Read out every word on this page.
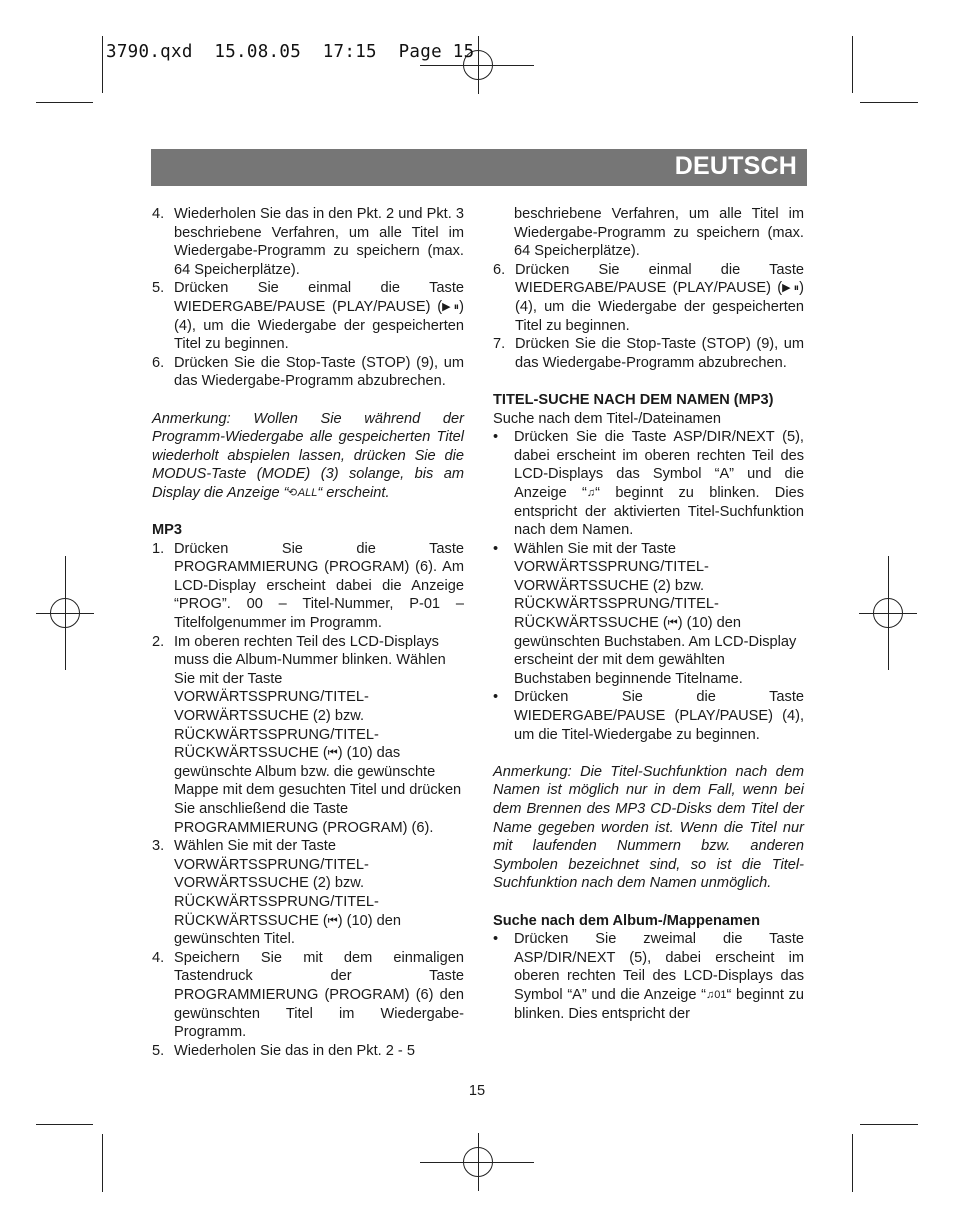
3790.qxd  15.08.05  17:15  Page 15
DEUTSCH
4. Wiederholen Sie das in den Pkt. 2 und Pkt. 3 beschriebene Verfahren, um alle Titel im Wiedergabe-Programm zu speichern (max. 64 Speicherplätze).
5. Drücken Sie einmal die Taste WIEDERGABE/PAUSE (PLAY/PAUSE) (▶ ⏸) (4), um die Wiedergabe der gespeicherten Titel zu beginnen.
6. Drücken Sie die Stop-Taste (STOP) (9), um das Wiedergabe-Programm abzubrechen.

Anmerkung: Wollen Sie während der Programm-Wiedergabe alle gespeicherten Titel wiederholt abspielen lassen, drücken Sie die MODUS-Taste (MODE) (3) solange, bis am Display die Anzeige “⟲ALL“ erscheint.

MP3

1. Drücken Sie die Taste PROGRAMMIERUNG (PROGRAM) (6). Am LCD-Display erscheint dabei die Anzeige “PROG”. 00 – Titel-Nummer, P-01 – Titelfolgenummer im Programm.
2. Im oberen rechten Teil des LCD-Displays muss die Album-Nummer blinken. Wählen Sie mit der Taste VORWÄRTSSPRUNG/TITEL-VORWÄRTSSUCHE (2) bzw. RÜCKWÄRTSSPRUNG/TITEL-RÜCKWÄRTSSUCHE (⏮) (10) das gewünschte Album bzw. die gewünschte Mappe mit dem gesuchten Titel und drücken Sie anschließend die Taste PROGRAMMIERUNG (PROGRAM) (6).
3. Wählen Sie mit der Taste VORWÄRTSSPRUNG/TITEL-VORWÄRTSSUCHE (2) bzw. RÜCKWÄRTSSPRUNG/TITEL-RÜCKWÄRTSSUCHE (⏮) (10) den gewünschten Titel.
4. Speichern Sie mit dem einmaligen Tastendruck der Taste PROGRAMMIERUNG (PROGRAM) (6) den gewünschten Titel im Wiedergabe-Programm.
5. Wiederholen Sie das in den Pkt. 2 - 5

beschriebene Verfahren, um alle Titel im Wiedergabe-Programm zu speichern (max. 64 Speicherplätze).

6. Drücken Sie einmal die Taste WIEDERGABE/PAUSE (PLAY/PAUSE) (▶ ⏸) (4), um die Wiedergabe der gespeicherten Titel zu beginnen.
7. Drücken Sie die Stop-Taste (STOP) (9), um das Wiedergabe-Programm abzubrechen.

TITEL-SUCHE NACH DEM NAMEN (MP3)

Suche nach dem Titel-/Dateinamen

• Drücken Sie die Taste ASP/DIR/NEXT (5), dabei erscheint im oberen rechten Teil des LCD-Displays das Symbol “A” und die Anzeige “♫“ beginnt zu blinken. Dies entspricht der aktivierten Titel-Suchfunktion nach dem Namen.
• Wählen Sie mit der Taste VORWÄRTSSPRUNG/TITEL-VORWÄRTSSUCHE (2) bzw. RÜCKWÄRTSSPRUNG/TITEL-RÜCKWÄRTSSUCHE (⏮) (10) den gewünschten Buchstaben. Am LCD-Display erscheint der mit dem gewählten Buchstaben beginnende Titelname.
• Drücken Sie die Taste WIEDERGABE/PAUSE (PLAY/PAUSE) (4), um die Titel-Wiedergabe zu beginnen.

Anmerkung: Die Titel-Suchfunktion nach dem Namen ist möglich nur in dem Fall, wenn bei dem Brennen des MP3 CD-Disks dem Titel der Name gegeben worden ist. Wenn die Titel nur mit laufenden Nummern bzw. anderen Symbolen bezeichnet sind, so ist die Titel-Suchfunktion nach dem Namen unmöglich.

Suche nach dem Album-/Mappenamen

• Drücken Sie zweimal die Taste ASP/DIR/NEXT (5), dabei erscheint im oberen rechten Teil des LCD-Displays das Symbol “A” und die Anzeige “♫01“ beginnt zu blinken. Dies entspricht der
15
